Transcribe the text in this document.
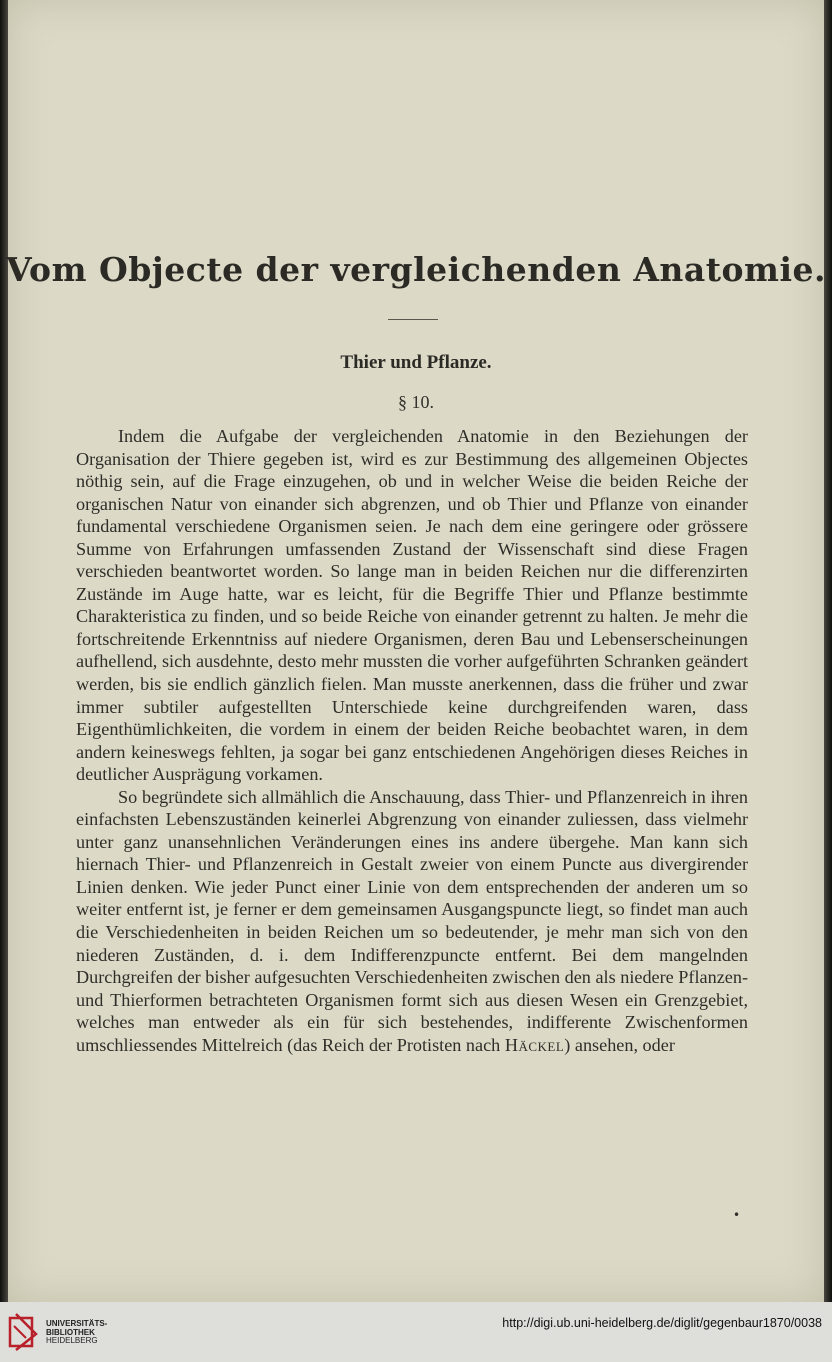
Vom Objecte der vergleichenden Anatomie.
Thier und Pflanze.
§ 10.

Indem die Aufgabe der vergleichenden Anatomie in den Beziehungen der Organisation der Thiere gegeben ist, wird es zur Bestimmung des allgemeinen Objectes nöthig sein, auf die Frage einzugehen, ob und in welcher Weise die beiden Reiche der organischen Natur von einander sich abgrenzen, und ob Thier und Pflanze von einander fundamental verschiedene Organismen seien. Je nach dem eine geringere oder grössere Summe von Erfahrungen umfassenden Zustand der Wissenschaft sind diese Fragen verschieden beantwortet worden. So lange man in beiden Reichen nur die differenzirten Zustände im Auge hatte, war es leicht, für die Begriffe Thier und Pflanze bestimmte Charakteristica zu finden, und so beide Reiche von einander getrennt zu halten. Je mehr die fortschreitende Erkenntniss auf niedere Organismen, deren Bau und Lebenserscheinungen aufhellend, sich ausdehnte, desto mehr mussten die vorher aufgeführten Schranken geändert werden, bis sie endlich gänzlich fielen. Man musste anerkennen, dass die früher und zwar immer subtiler aufgestellten Unterschiede keine durchgreifenden waren, dass Eigenthümlichkeiten, die vordem in einem der beiden Reiche beobachtet waren, in dem andern keineswegs fehlten, ja sogar bei ganz entschiedenen Angehörigen dieses Reiches in deutlicher Ausprägung vorkamen.

So begründete sich allmählich die Anschauung, dass Thier- und Pflanzenreich in ihren einfachsten Lebenszuständen keinerlei Abgrenzung von einander zuliessen, dass vielmehr unter ganz unansehnlichen Veränderungen eines ins andere übergehe. Man kann sich hiernach Thier- und Pflanzenreich in Gestalt zweier von einem Puncte aus divergirender Linien denken. Wie jeder Punct einer Linie von dem entsprechenden der anderen um so weiter entfernt ist, je ferner er dem gemeinsamen Ausgangspuncte liegt, so findet man auch die Verschiedenheiten in beiden Reichen um so bedeutender, je mehr man sich von den niederen Zuständen, d. i. dem Indifferenzpuncte entfernt. Bei dem mangelnden Durchgreifen der bisher aufgesuchten Verschiedenheiten zwischen den als niedere Pflanzen- und Thierformen betrachteten Organismen formt sich aus diesen Wesen ein Grenzgebiet, welches man entweder als ein für sich bestehendes, indifferente Zwischenformen umschliessendes Mittelreich (das Reich der Protisten nach Häckel) ansehen, oder

•
UNIVERSITÄTS-
BIBLIOTHEK
HEIDELBERG
http://digi.ub.uni-heidelberg.de/diglit/gegenbaur1870/0038
